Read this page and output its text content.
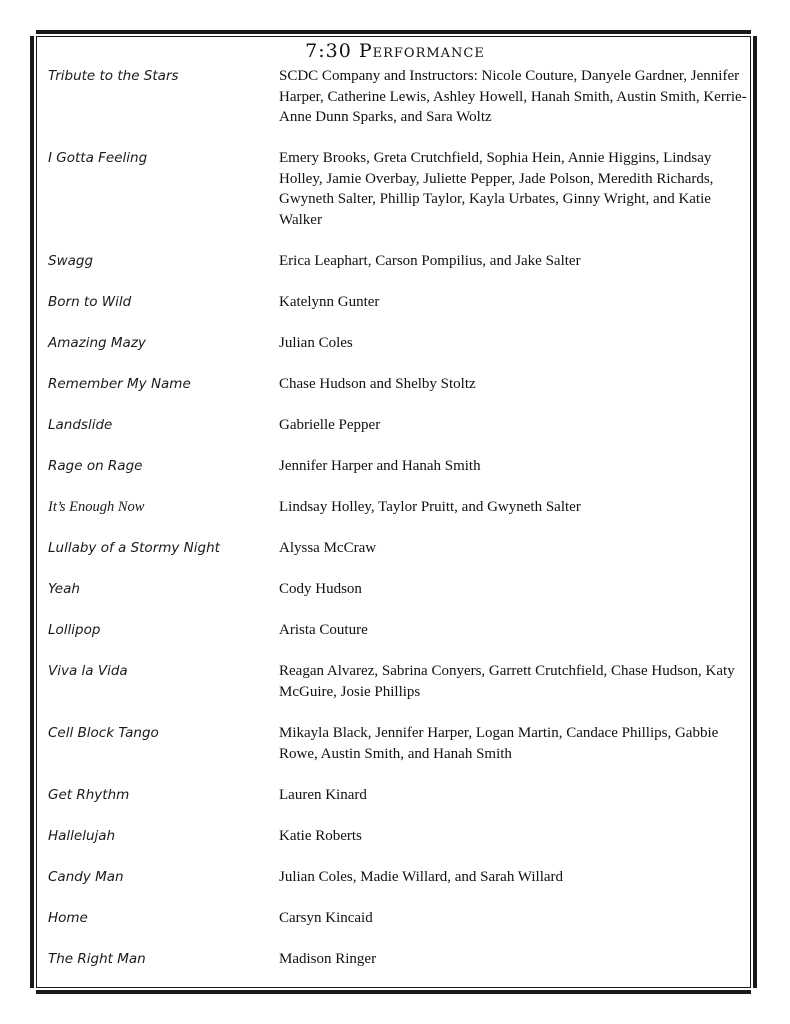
7:30 Performance
Tribute to the Stars	SCDC Company and Instructors: Nicole Couture, Danyele Gardner, Jennifer Harper, Catherine Lewis, Ashley Howell, Hanah Smith, Austin Smith, Kerrie-Anne Dunn Sparks, and Sara Woltz
I Gotta Feeling	Emery Brooks, Greta Crutchfield, Sophia Hein, Annie Higgins, Lindsay Holley, Jamie Overbay, Juliette Pepper, Jade Polson, Meredith Richards, Gwyneth Salter, Phillip Taylor, Kayla Urbates, Ginny Wright, and Katie Walker
Swagg	Erica Leaphart, Carson Pompilius, and Jake Salter
Born to Wild	Katelynn Gunter
Amazing Mazy	Julian Coles
Remember My Name	Chase Hudson and Shelby Stoltz
Landslide	Gabrielle Pepper
Rage on Rage	Jennifer Harper and Hanah Smith
It’s Enough Now	Lindsay Holley, Taylor Pruitt, and Gwyneth Salter
Lullaby of a Stormy Night	Alyssa McCraw
Yeah	Cody Hudson
Lollipop	Arista Couture
Viva la Vida	Reagan Alvarez, Sabrina Conyers, Garrett Crutchfield, Chase Hudson, Katy McGuire, Josie Phillips
Cell Block Tango	Mikayla Black, Jennifer Harper, Logan Martin, Candace Phillips, Gabbie Rowe, Austin Smith, and Hanah Smith
Get Rhythm	Lauren Kinard
Hallelujah	Katie Roberts
Candy Man	Julian Coles, Madie Willard, and Sarah Willard
Home	Carsyn Kincaid
The Right Man	Madison Ringer
